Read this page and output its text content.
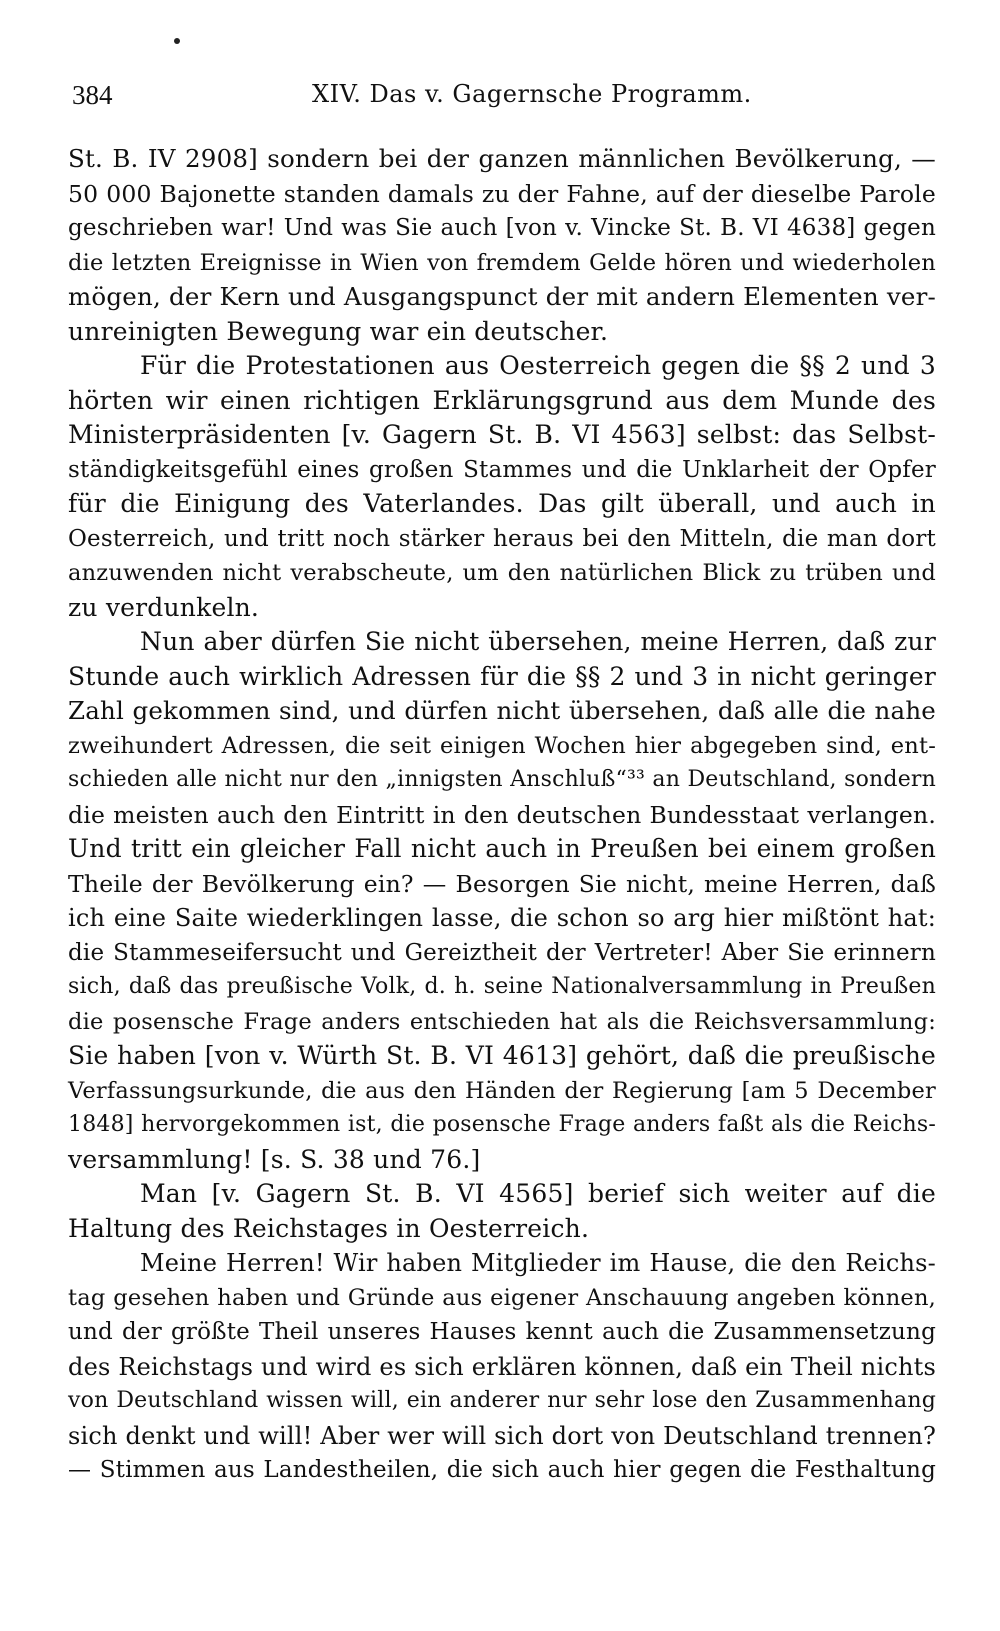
384	XIV. Das v. Gagernsche Programm.
St. B. IV 2908] sondern bei der ganzen männlichen Bevölkerung, —
50 000 Bajonette standen damals zu der Fahne, auf der dieselbe Parole
geschrieben war! Und was Sie auch [von v. Vincke St. B. VI 4638] gegen
die letzten Ereignisse in Wien von fremdem Gelde hören und wiederholen
mögen, der Kern und Ausgangspunct der mit andern Elementen ver-
unreinigten Bewegung war ein deutscher.
Für die Protestationen aus Oesterreich gegen die §§ 2 und 3
hörten wir einen richtigen Erklärungsgrund aus dem Munde des
Ministerpräsidenten [v. Gagern St. B. VI 4563] selbst: das Selbst-
ständigkeitsgefühl eines großen Stammes und die Unklarheit der Opfer
für die Einigung des Vaterlandes. Das gilt überall, und auch in
Oesterreich, und tritt noch stärker heraus bei den Mitteln, die man dort
anzuwenden nicht verabscheute, um den natürlichen Blick zu trüben und
zu verdunkeln.
Nun aber dürfen Sie nicht übersehen, meine Herren, daß zur
Stunde auch wirklich Adressen für die §§ 2 und 3 in nicht geringer
Zahl gekommen sind, und dürfen nicht übersehen, daß alle die nahe
zweihundert Adressen, die seit einigen Wochen hier abgegeben sind, ent-
schieden alle nicht nur den „innigsten Anschluß“³³ an Deutschland, sondern
die meisten auch den Eintritt in den deutschen Bundesstaat verlangen.
Und tritt ein gleicher Fall nicht auch in Preußen bei einem großen
Theile der Bevölkerung ein? — Besorgen Sie nicht, meine Herren, daß
ich eine Saite wiederklingen lasse, die schon so arg hier mißtönt hat:
die Stammeseifersucht und Gereiztheit der Vertreter! Aber Sie erinnern
sich, daß das preußische Volk, d. h. seine Nationalversammlung in Preußen
die posensche Frage anders entschieden hat als die Reichsversammlung:
Sie haben [von v. Würth St. B. VI 4613] gehört, daß die preußische
Verfassungsurkunde, die aus den Händen der Regierung [am 5 December
1848] hervorgekommen ist, die posensche Frage anders faßt als die Reichs-
versammlung! [s. S. 38 und 76.]
Man [v. Gagern St. B. VI 4565] berief sich weiter auf die
Haltung des Reichstages in Oesterreich.
Meine Herren! Wir haben Mitglieder im Hause, die den Reichs-
tag gesehen haben und Gründe aus eigener Anschauung angeben können,
und der größte Theil unseres Hauses kennt auch die Zusammensetzung
des Reichstags und wird es sich erklären können, daß ein Theil nichts
von Deutschland wissen will, ein anderer nur sehr lose den Zusammenhang
sich denkt und will! Aber wer will sich dort von Deutschland trennen?
— Stimmen aus Landestheilen, die sich auch hier gegen die Festhaltung
